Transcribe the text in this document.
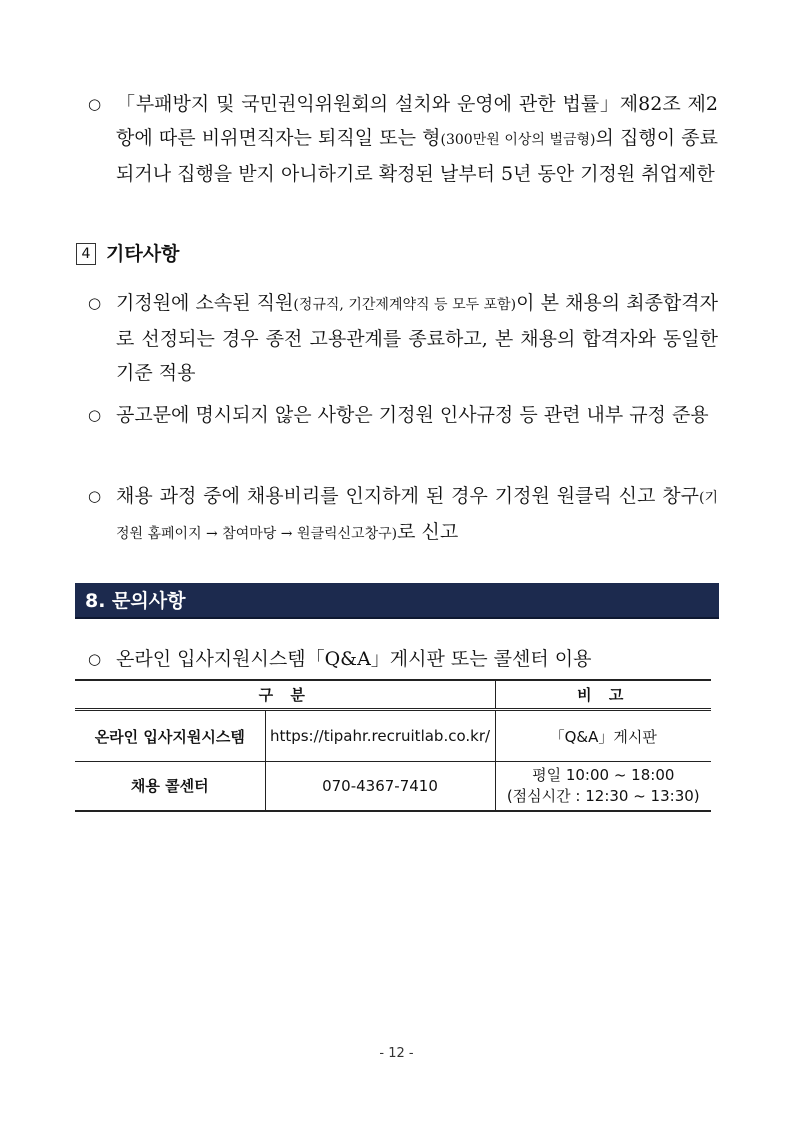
○ 「부패방지 및 국민권익위원회의 설치와 운영에 관한 법률」제82조 제2항에 따른 비위면직자는 퇴직일 또는 형(300만원 이상의 벌금형)의 집행이 종료되거나 집행을 받지 아니하기로 확정된 날부터 5년 동안 기정원 취업제한
4 기타사항
○ 기정원에 소속된 직원(정규직, 기간제계약직 등 모두 포함)이 본 채용의 최종합격자로 선정되는 경우 종전 고용관계를 종료하고, 본 채용의 합격자와 동일한 기준 적용
○ 공고문에 명시되지 않은 사항은 기정원 인사규정 등 관련 내부 규정 준용
○ 채용 과정 중에 채용비리를 인지하게 된 경우 기정원 원클릭 신고 창구(기정원 홈페이지 → 참여마당 → 원클릭신고창구)로 신고
8. 문의사항
○ 온라인 입사지원시스템「Q&A」게시판 또는 콜센터 이용
구 분		비 고
온라인 입사지원시스템	https://tipahr.recruitlab.co.kr/	「Q&A」게시판
채용 콜센터	070-4367-7410	평일 10:00 ~ 18:00
(점심시간 : 12:30 ~ 13:30)
- 12 -
